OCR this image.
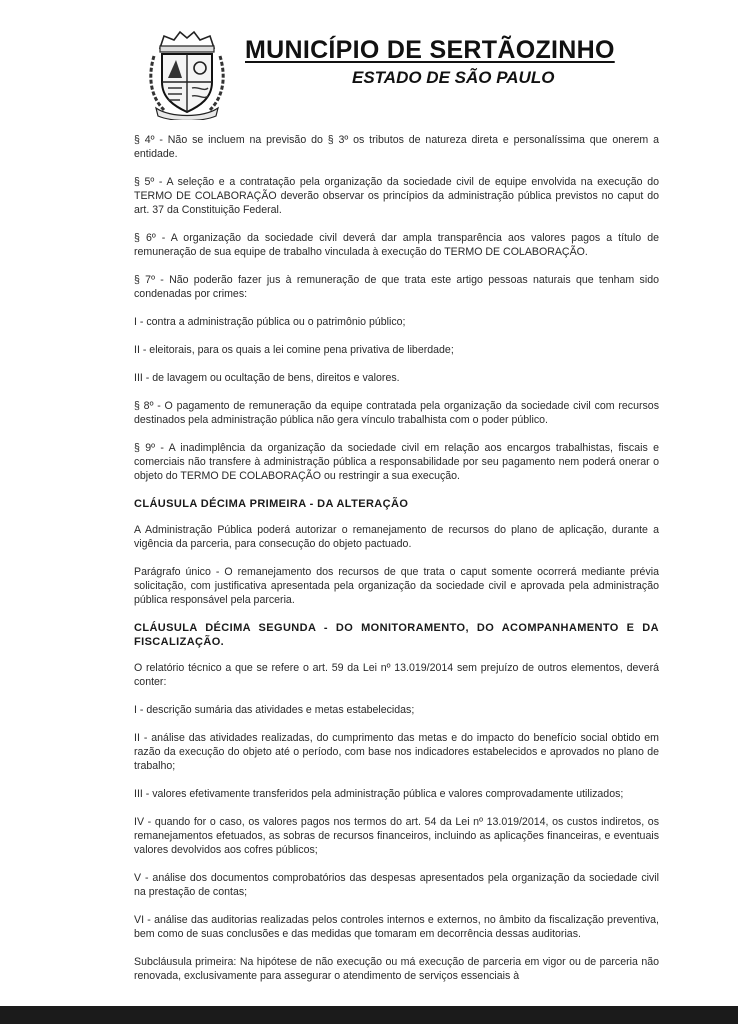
MUNICÍPIO DE SERTÃOZINHO
ESTADO DE SÃO PAULO

§ 4º - Não se incluem na previsão do § 3º os tributos de natureza direta e personalíssima que onerem a entidade.

§ 5º - A seleção e a contratação pela organização da sociedade civil de equipe envolvida na execução do TERMO DE COLABORAÇÃO deverão observar os princípios da administração pública previstos no caput do art. 37 da Constituição Federal.

§ 6º - A organização da sociedade civil deverá dar ampla transparência aos valores pagos a título de remuneração de sua equipe de trabalho vinculada à execução do TERMO DE COLABORAÇÃO.

§ 7º - Não poderão fazer jus à remuneração de que trata este artigo pessoas naturais que tenham sido condenadas por crimes:

I - contra a administração pública ou o patrimônio público;

II - eleitorais, para os quais a lei comine pena privativa de liberdade;

III - de lavagem ou ocultação de bens, direitos e valores.

§ 8º - O pagamento de remuneração da equipe contratada pela organização da sociedade civil com recursos destinados pela administração pública não gera vínculo trabalhista com o poder público.

§ 9º - A inadimplência da organização da sociedade civil em relação aos encargos trabalhistas, fiscais e comerciais não transfere à administração pública a responsabilidade por seu pagamento nem poderá onerar o objeto do TERMO DE COLABORAÇÃO ou restringir a sua execução.

CLÁUSULA DÉCIMA PRIMEIRA - DA ALTERAÇÃO

A Administração Pública poderá autorizar o remanejamento de recursos do plano de aplicação, durante a vigência da parceria, para consecução do objeto pactuado.

Parágrafo único - O remanejamento dos recursos de que trata o caput somente ocorrerá mediante prévia solicitação, com justificativa apresentada pela organização da sociedade civil e aprovada pela administração pública responsável pela parceria.

CLÁUSULA DÉCIMA SEGUNDA - DO MONITORAMENTO, DO ACOMPANHAMENTO E DA FISCALIZAÇÃO.

O relatório técnico a que se refere o art. 59 da Lei nº 13.019/2014 sem prejuízo de outros elementos, deverá conter:

I - descrição sumária das atividades e metas estabelecidas;

II - análise das atividades realizadas, do cumprimento das metas e do impacto do benefício social obtido em razão da execução do objeto até o período, com base nos indicadores estabelecidos e aprovados no plano de trabalho;

III - valores efetivamente transferidos pela administração pública e valores comprovadamente utilizados;

IV - quando for o caso, os valores pagos nos termos do art. 54 da Lei nº 13.019/2014, os custos indiretos, os remanejamentos efetuados, as sobras de recursos financeiros, incluindo as aplicações financeiras, e eventuais valores devolvidos aos cofres públicos;

V - análise dos documentos comprobatórios das despesas apresentados pela organização da sociedade civil na prestação de contas;

VI - análise das auditorias realizadas pelos controles internos e externos, no âmbito da fiscalização preventiva, bem como de suas conclusões e das medidas que tomaram em decorrência dessas auditorias.

Subcláusula primeira: Na hipótese de não execução ou má execução de parceria em vigor ou de parceria não renovada, exclusivamente para assegurar o atendimento de serviços essenciais à
